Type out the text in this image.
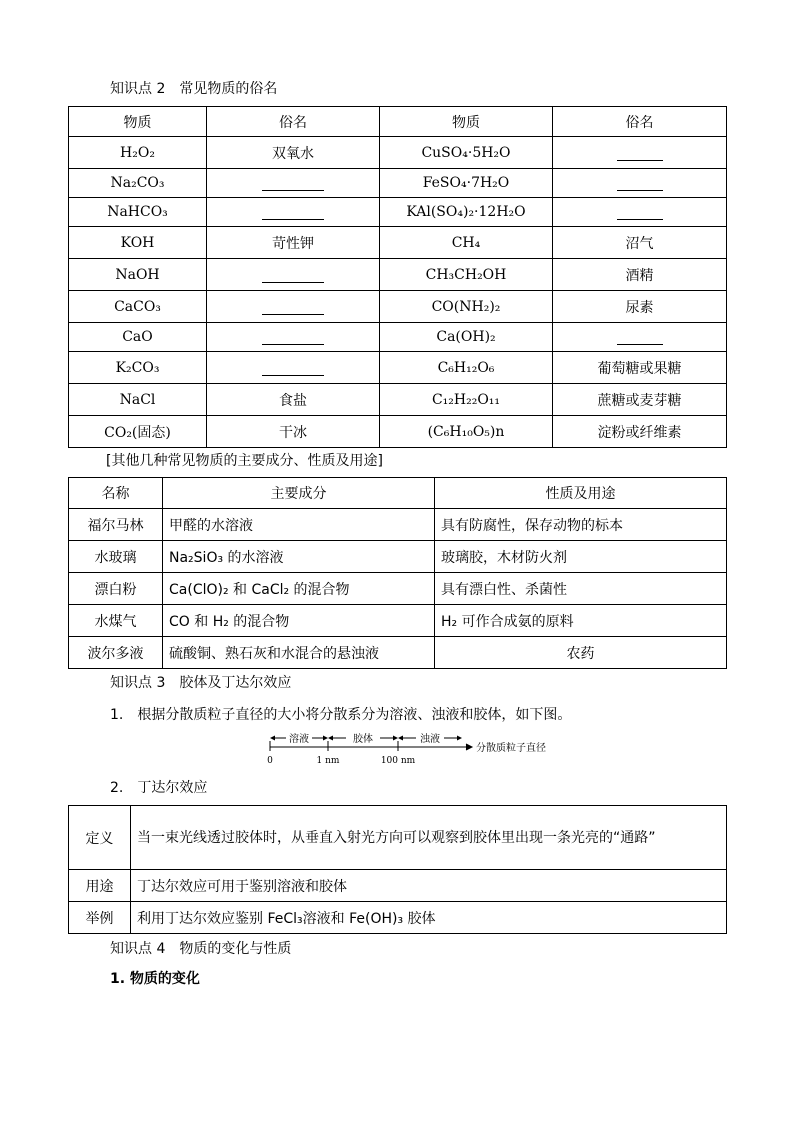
知识点 2　常见物质的俗名
物质	俗名	物质	俗名
H₂O₂	双氧水	CuSO₄·5H₂O	
Na₂CO₃		FeSO₄·7H₂O	
NaHCO₃		KAl(SO₄)₂·12H₂O	
KOH	苛性钾	CH₄	沼气
NaOH		CH₃CH₂OH	酒精
CaCO₃		CO(NH₂)₂	尿素
CaO		Ca(OH)₂	
K₂CO₃		C₆H₁₂O₆	葡萄糖或果糖
NaCl	食盐	C₁₂H₂₂O₁₁	蔗糖或麦芽糖
CO₂(固态)	干冰	(C₆H₁₀O₅)n	淀粉或纤维素
[其他几种常见物质的主要成分、性质及用途]
名称	主要成分	性质及用途
福尔马林	甲醛的水溶液	具有防腐性，保存动物的标本
水玻璃	Na₂SiO₃ 的水溶液	玻璃胶，木材防火剂
漂白粉	Ca(ClO)₂ 和 CaCl₂ 的混合物	具有漂白性、杀菌性
水煤气	CO 和 H₂ 的混合物	H₂ 可作合成氨的原料
波尔多液	硫酸铜、熟石灰和水混合的悬浊液	农药
知识点 3　胶体及丁达尔效应
1.　根据分散质粒子直径的大小将分散系分为溶液、浊液和胶体，如下图。
溶液	胶体	浊液
分散质粒子直径
0	1 nm	100 nm
2.　丁达尔效应
定义	当一束光线透过胶体时，从垂直入射光方向可以观察到胶体里出现一条光亮的“通路”
用途	丁达尔效应可用于鉴别溶液和胶体
举例	利用丁达尔效应鉴别 FeCl₃溶液和 Fe(OH)₃ 胶体
知识点 4　物质的变化与性质
1. 物质的变化
